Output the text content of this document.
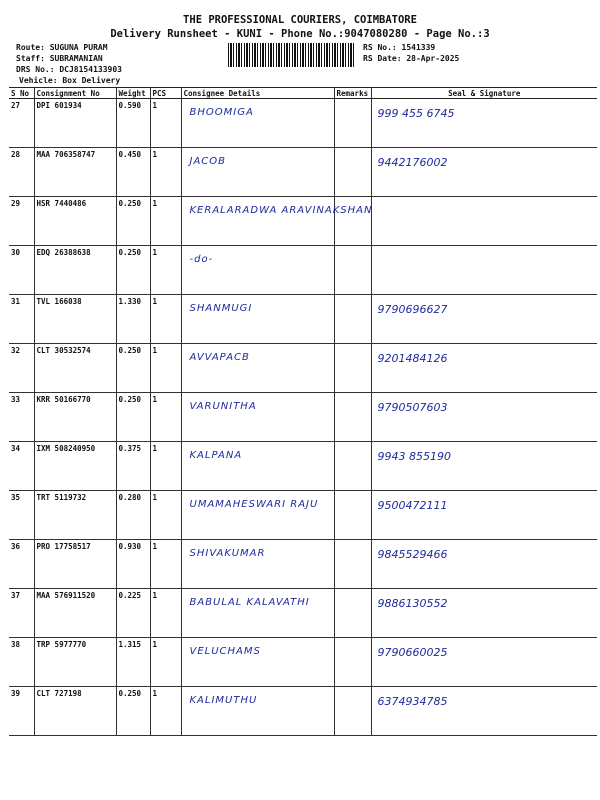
THE PROFESSIONAL COURIERS, COIMBATORE
Delivery Runsheet - KUNI - Phone No.:9047080280 - Page No.:3
Route: SUGUNA PURAM
Staff: SUBRAMANIAN
DRS No.: DCJ8154133903
Vehicle: Box Delivery
RS No.: 1541339
RS Date: 28-Apr-2025
S No	Consignment No	Weight	PCS	Consignee Details	Remarks	Seal & Signature
27	DPI 601934	0.590	1	BHOOMIGA		999 455 6745
28	MAA 706358747	0.450	1	JACOB		9442176002
29	HSR 7440486	0.250	1	KERALARADWA ARAVINAKSHAN		
30	EDQ 26388638	0.250	1	-do-		
31	TVL 166038	1.330	1	SHANMUGI		9790696627
32	CLT 30532574	0.250	1	AVVAPACB		9201484126
33	KRR 50166770	0.250	1	VARUNITHA		9790507603
34	IXM 508240950	0.375	1	KALPANA		9943 855190
35	TRT 5119732	0.280	1	UMAMAHESWARI RAJU		9500472111
36	PRO 17758517	0.930	1	SHIVAKUMAR		9845529466
37	MAA 576911520	0.225	1	BABULAL KALAVATHI		9886130552
38	TRP 5977770	1.315	1	VELUCHAMS		9790660025
39	CLT 727198	0.250	1	KALIMUTHU		6374934785
